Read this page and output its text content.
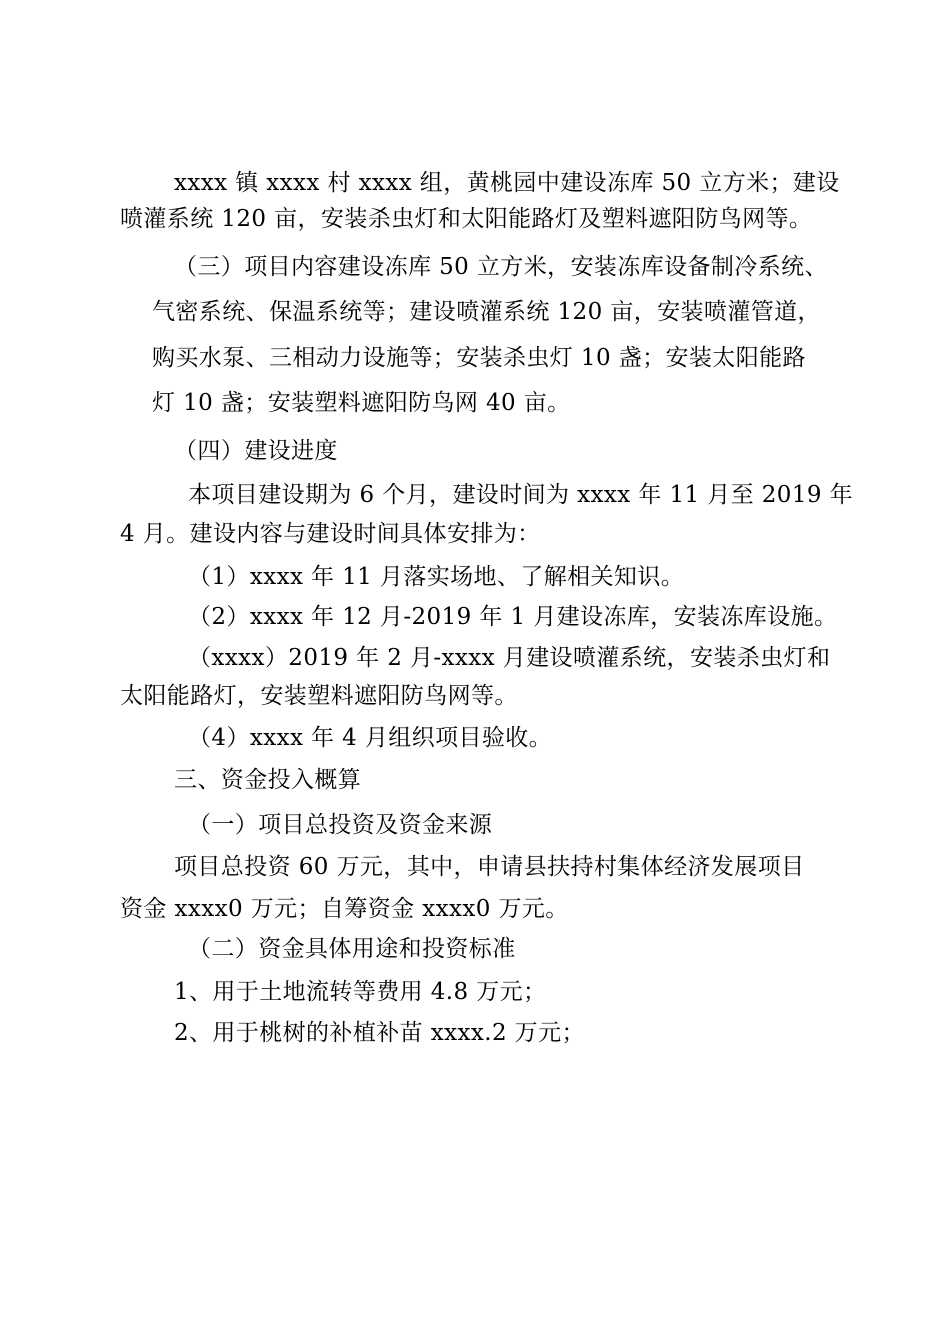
xxxx 镇 xxxx 村 xxxx 组，黄桃园中建设冻库 50 立方米；建设
喷灌系统 120 亩，安装杀虫灯和太阳能路灯及塑料遮阳防鸟网等。
（三）项目内容建设冻库 50 立方米，安装冻库设备制冷系统、
气密系统、保温系统等；建设喷灌系统 120 亩，安装喷灌管道，
购买水泵、三相动力设施等；安装杀虫灯 10 盏；安装太阳能路
灯 10 盏；安装塑料遮阳防鸟网 40 亩。
（四）建设进度
本项目建设期为 6 个月，建设时间为 xxxx 年 11 月至 2019 年
4 月。建设内容与建设时间具体安排为：
（1）xxxx 年 11 月落实场地、了解相关知识。
（2）xxxx 年 12 月-2019 年 1 月建设冻库，安装冻库设施。
（xxxx）2019 年 2 月-xxxx 月建设喷灌系统，安装杀虫灯和
太阳能路灯，安装塑料遮阳防鸟网等。
（4）xxxx 年 4 月组织项目验收。
三、资金投入概算
（一）项目总投资及资金来源
项目总投资 60 万元，其中，申请县扶持村集体经济发展项目
资金 xxxx0 万元；自筹资金 xxxx0 万元。
（二）资金具体用途和投资标准
1、用于土地流转等费用 4.8 万元；
2、用于桃树的补植补苗 xxxx.2 万元；
